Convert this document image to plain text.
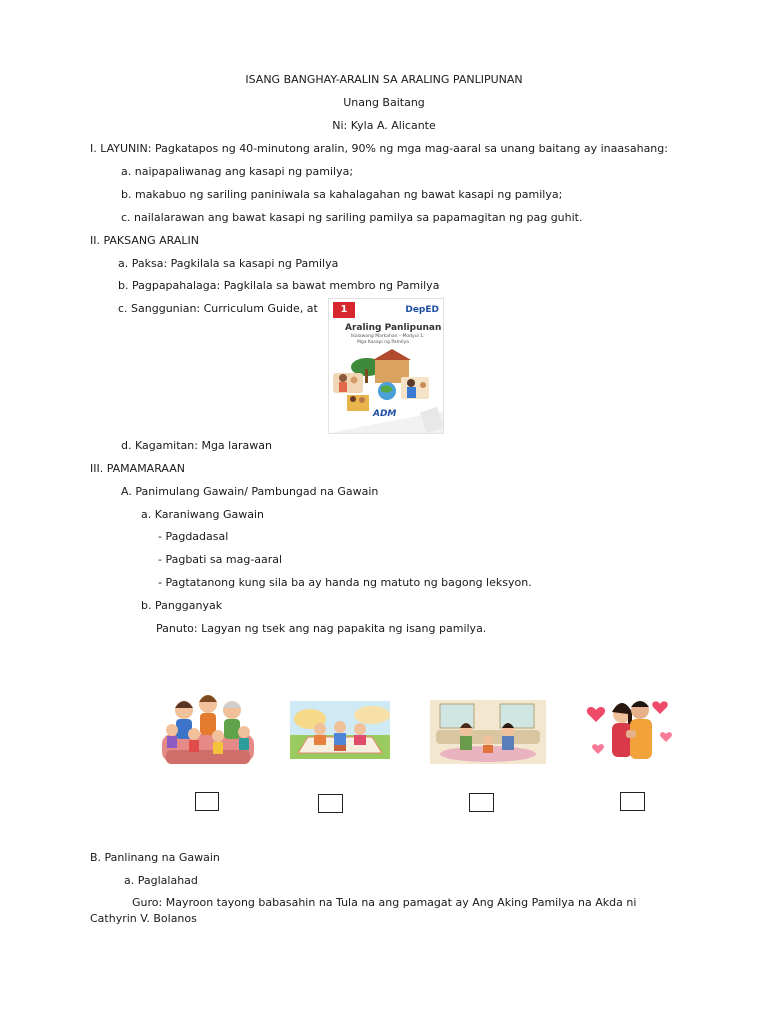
ISANG BANGHAY-ARALIN SA ARALING PANLIPUNAN
Unang Baitang
Ni: Kyla A. Alicante
I. LAYUNIN: Pagkatapos ng 40-minutong aralin, 90% ng mga mag-aaral sa unang baitang ay inaasahang:
a. naipapaliwanag ang kasapi ng pamilya;
b. makabuo ng sariling paniniwala sa kahalagahan ng bawat kasapi ng pamilya;
c. nailalarawan ang bawat kasapi ng sariling pamilya sa papamagitan ng pag guhit.
II. PAKSANG ARALIN
a. Paksa: Pagkilala sa kasapi ng Pamilya
b. Pagpapahalaga: Pagkilala sa bawat membro ng Pamilya
c. Sanggunian: Curriculum Guide, at	1	DepED
Araling Panlipunan
Ikalawang Markahan – Modyul 1:
Mga Kasapi ng Pamilya
ADM
d. Kagamitan: Mga larawan
III. PAMAMARAAN
A. Panimulang Gawain/ Pambungad na Gawain
a. Karaniwang Gawain
- Pagdadasal
- Pagbati sa mag-aaral
- Pagtatanong kung sila ba ay handa ng matuto ng bagong leksyon.
b. Pangganyak
Panuto: Lagyan ng tsek ang nag papakita ng isang pamilya.
B. Panlinang na Gawain
a. Paglalahad
Guro: Mayroon tayong babasahin na Tula na ang pamagat ay Ang Aking Pamilya na Akda ni
Cathyrin V. Bolanos
